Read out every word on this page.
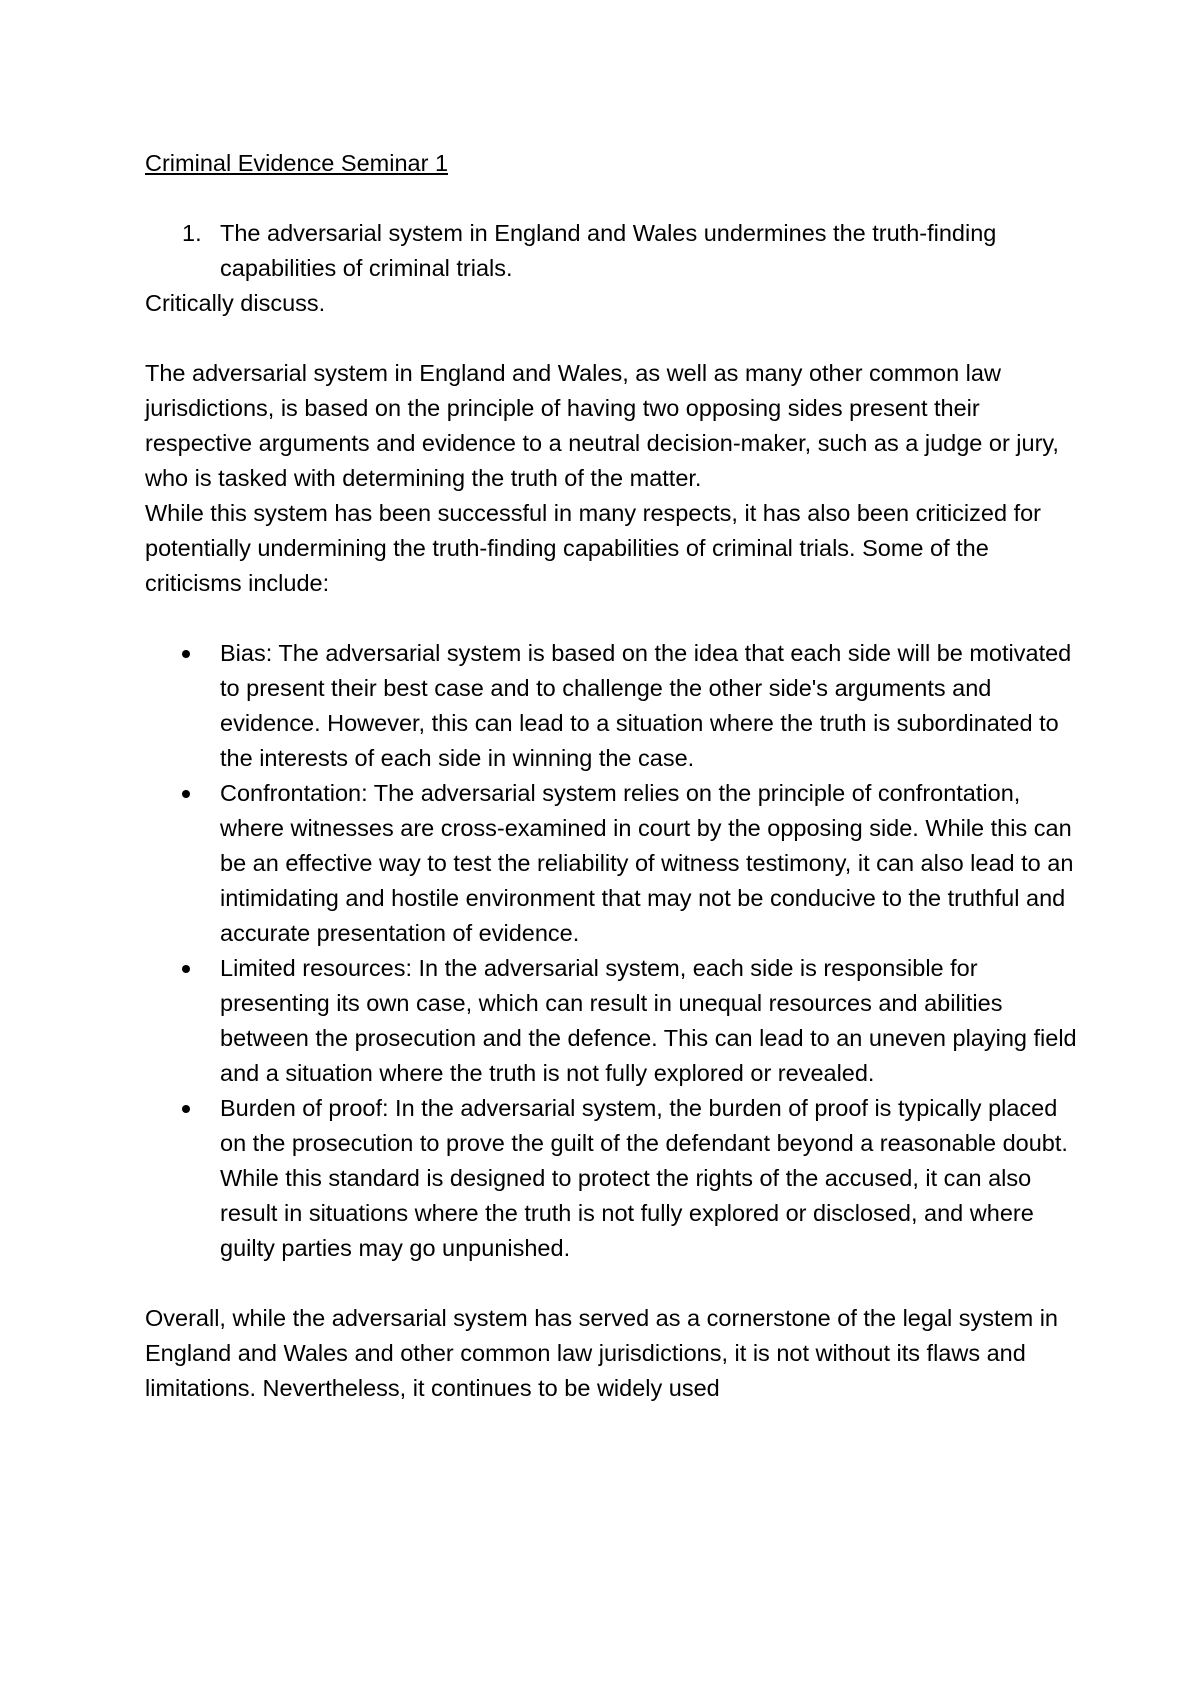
Criminal Evidence Seminar 1
1. The adversarial system in England and Wales undermines the truth-finding capabilities of criminal trials.

Critically discuss.

The adversarial system in England and Wales, as well as many other common law jurisdictions, is based on the principle of having two opposing sides present their respective arguments and evidence to a neutral decision-maker, such as a judge or jury, who is tasked with determining the truth of the matter.

While this system has been successful in many respects, it has also been criticized for potentially undermining the truth-finding capabilities of criminal trials. Some of the criticisms include:

Bias: The adversarial system is based on the idea that each side will be motivated to present their best case and to challenge the other side's arguments and evidence. However, this can lead to a situation where the truth is subordinated to the interests of each side in winning the case.
Confrontation: The adversarial system relies on the principle of confrontation, where witnesses are cross-examined in court by the opposing side. While this can be an effective way to test the reliability of witness testimony, it can also lead to an intimidating and hostile environment that may not be conducive to the truthful and accurate presentation of evidence.
Limited resources: In the adversarial system, each side is responsible for presenting its own case, which can result in unequal resources and abilities between the prosecution and the defence. This can lead to an uneven playing field and a situation where the truth is not fully explored or revealed.
Burden of proof: In the adversarial system, the burden of proof is typically placed on the prosecution to prove the guilt of the defendant beyond a reasonable doubt. While this standard is designed to protect the rights of the accused, it can also result in situations where the truth is not fully explored or disclosed, and where guilty parties may go unpunished.

Overall, while the adversarial system has served as a cornerstone of the legal system in England and Wales and other common law jurisdictions, it is not without its flaws and limitations. Nevertheless, it continues to be widely used
